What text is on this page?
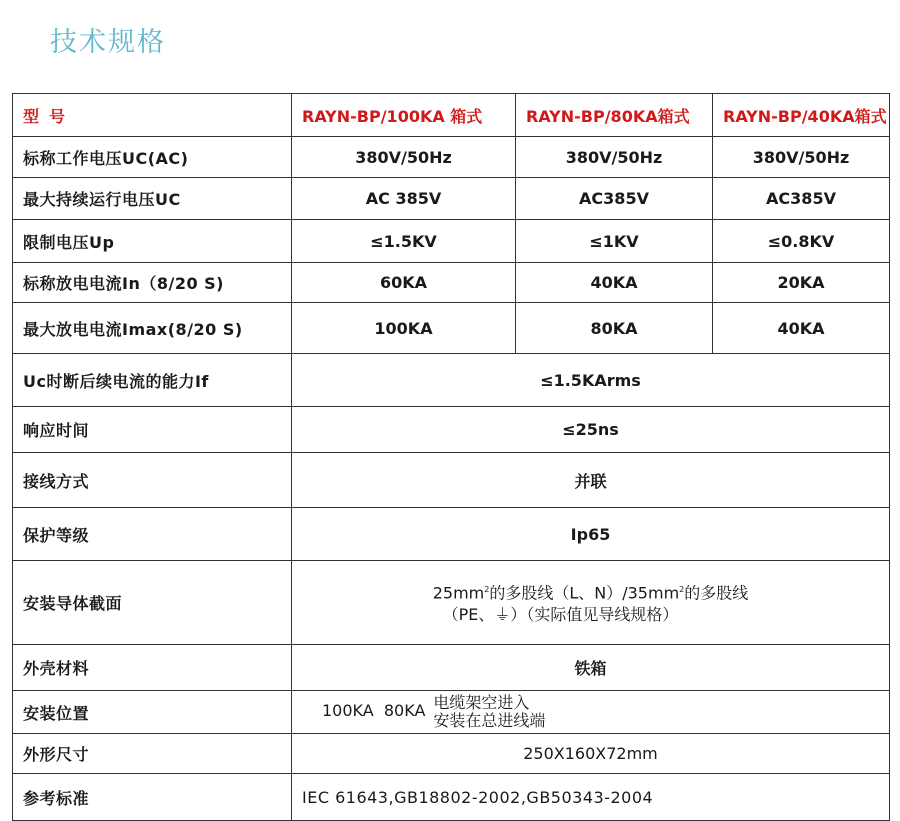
技术规格
型号	RAYN-BP/100KA 箱式	RAYN-BP/80KA箱式	RAYN-BP/40KA箱式
标称工作电压UC(AC)	380V/50Hz	380V/50Hz	380V/50Hz
最大持续运行电压UC	AC 385V	AC385V	AC385V
限制电压Up	≤1.5KV	≤1KV	≤0.8KV
标称放电电流In（8/20 S)	60KA	40KA	20KA
最大放电电流Imax(8/20 S)	100KA	80KA	40KA
Uc时断后续电流的能力If	≤1.5KArms		
响应时间	≤25ns		
接线方式	并联		
保护等级	Ip65		
安装导体截面	$25mm^2$的多股线（L、$N)/35mm^2$的多股线
（PE、⏚）（实际值见导线规格）		

外壳材料	铁箱		
安装位置	100KA  80KA 电缆架空进入
安装在总进线端		

外形尺寸	250X160X72mm		
参考标准	IEC 61643,GB18802-2002,GB50343-2004		
